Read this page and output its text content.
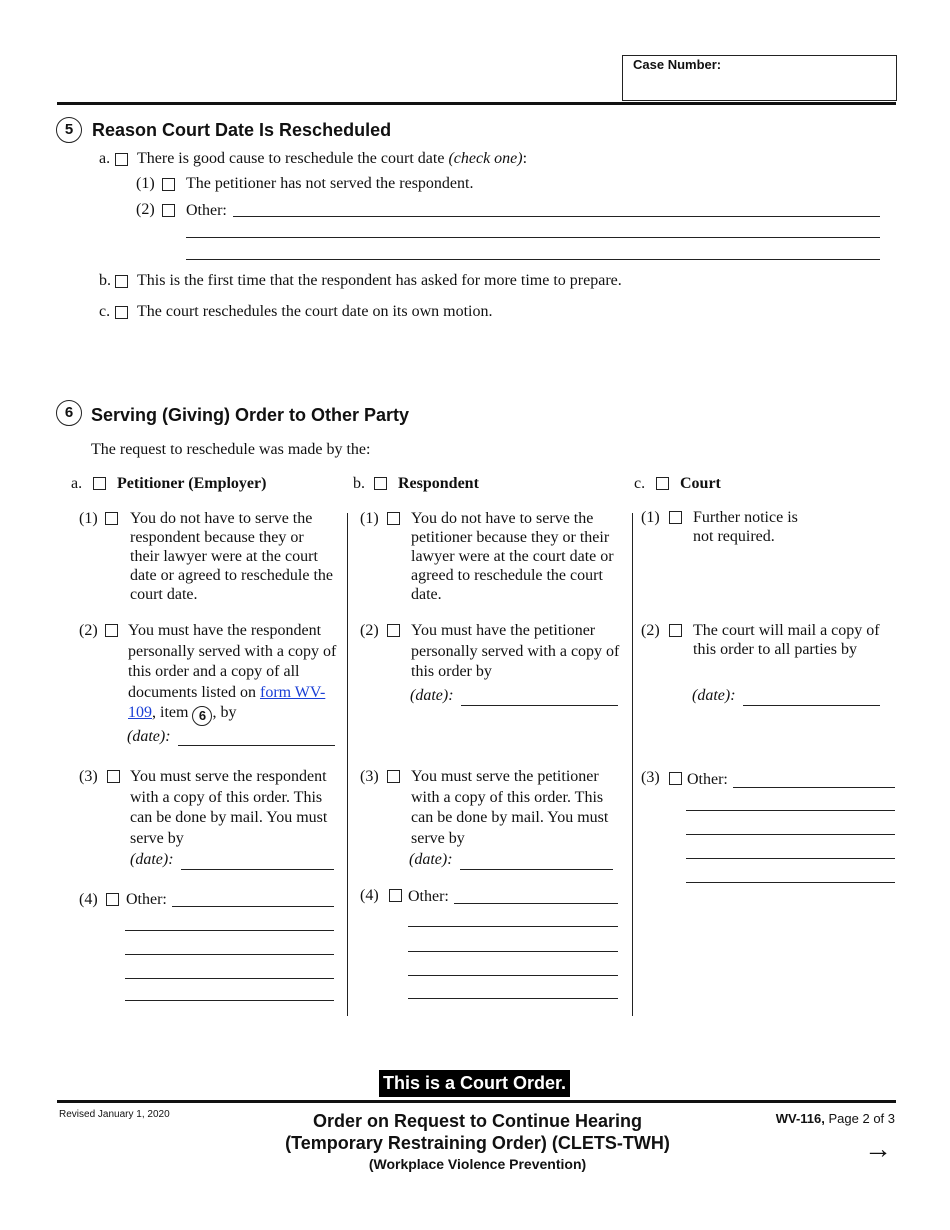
Case Number:
5	Reason Court Date Is Rescheduled
a. There is good cause to reschedule the court date (check one):
(1) The petitioner has not served the respondent.
(2) Other:
b. This is the first time that the respondent has asked for more time to prepare.
c. The court reschedules the court date on its own motion.
6 Serving (Giving) Order to Other Party
The request to reschedule was made by the:
a. Petitioner (Employer)
(1) You do not have to serve the respondent because they or their lawyer were at the court date or agreed to reschedule the court date.
(2) You must have the respondent personally served with a copy of this order and a copy of all documents listed on form WV-109, item 6 , by
(date):
(3) You must serve the respondent with a copy of this order. This can be done by mail. You must serve by
(date):
(4) Other:
b. Respondent
(1) You do not have to serve the petitioner because they or their lawyer were at the court date or agreed to reschedule the court date.
(2) You must have the petitioner personally served with a copy of this order by
(date):
(3) You must serve the petitioner with a copy of this order. This can be done by mail. You must serve by
(date):
(4) Other:
c. Court
(1) Further notice is not required.
(2) The court will mail a copy of this order to all parties by
(date):
(3) Other:
This is a Court Order.
Revised January 1, 2020	Order on Request to Continue Hearing
(Temporary Restraining Order) (CLETS-TWH)
(Workplace Violence Prevention)
WV-116, Page 2 of 3
→
